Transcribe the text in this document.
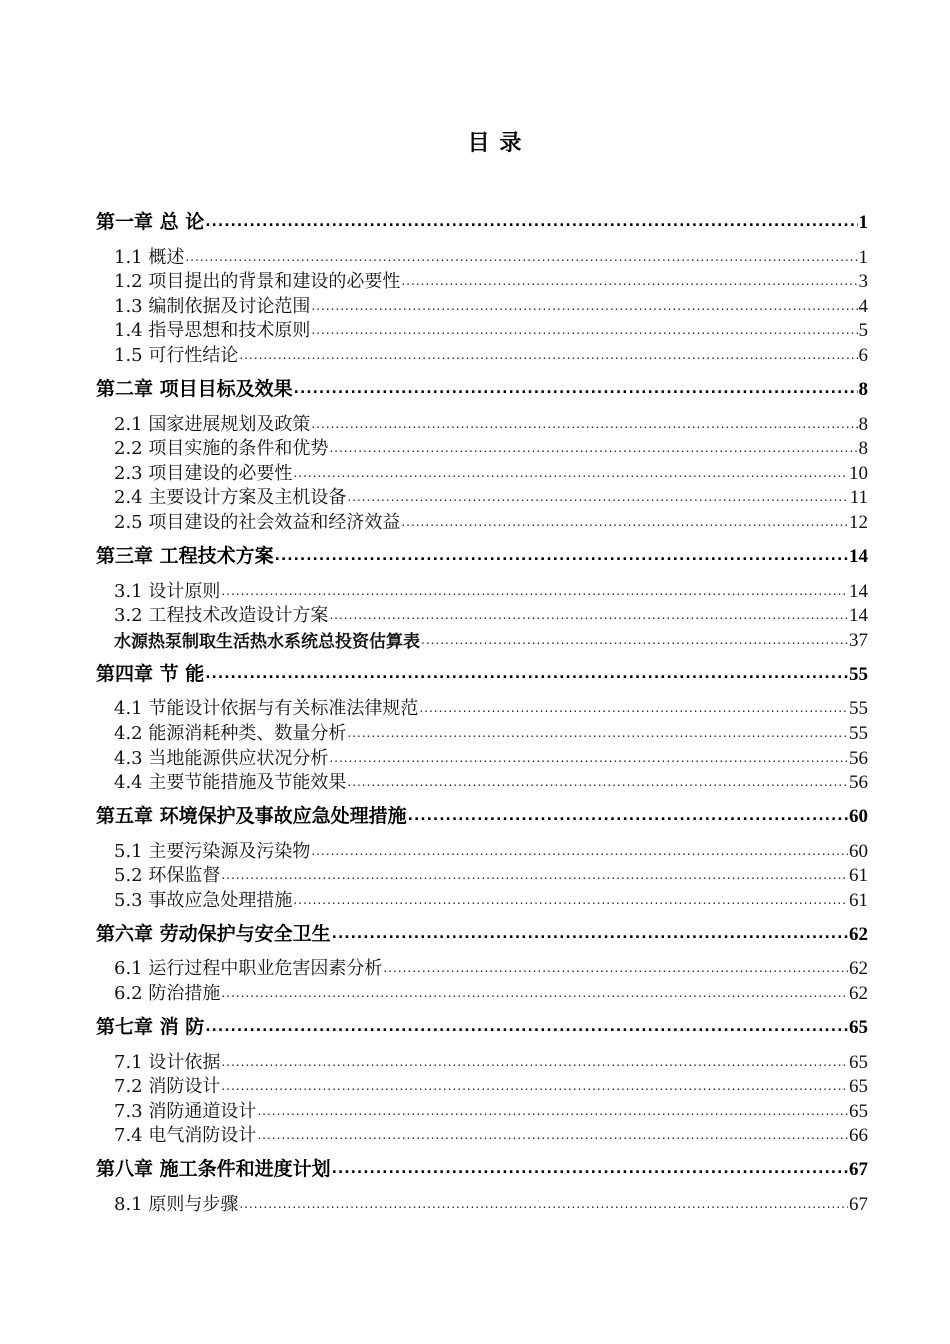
目 录
第一章 总 论 .....	1
1.1 概述 .....	1
1.2 项目提出的背景和建设的必要性 .....	3
1.3 编制依据及讨论范围 .....	4
1.4 指导思想和技术原则 .....	5
1.5 可行性结论 .....	6
第二章 项目目标及效果 .....	8
2.1 国家进展规划及政策 .....	8
2.2 项目实施的条件和优势 .....	8
2.3 项目建设的必要性 .....	10
2.4 主要设计方案及主机设备 .....	11
2.5 项目建设的社会效益和经济效益 .....	12
第三章 工程技术方案 .....	14
3.1 设计原则 .....	14
3.2 工程技术改造设计方案 .....	14
水源热泵制取生活热水系统总投资估算表 .....	37
第四章 节 能 .....	55
4.1 节能设计依据与有关标准法律规范 .....	55
4.2 能源消耗种类、数量分析 .....	55
4.3 当地能源供应状况分析 .....	56
4.4 主要节能措施及节能效果 .....	56
第五章 环境保护及事故应急处理措施 .....	60
5.1 主要污染源及污染物 .....	60
5.2 环保监督 .....	61
5.3 事故应急处理措施 .....	61
第六章 劳动保护与安全卫生 .....	62
6.1 运行过程中职业危害因素分析 .....	62
6.2 防治措施 .....	62
第七章 消 防 .....	65
7.1 设计依据 .....	65
7.2 消防设计 .....	65
7.3 消防通道设计 .....	65
7.4 电气消防设计 .....	66
第八章 施工条件和进度计划 .....	67
8.1 原则与步骤 .....	67
